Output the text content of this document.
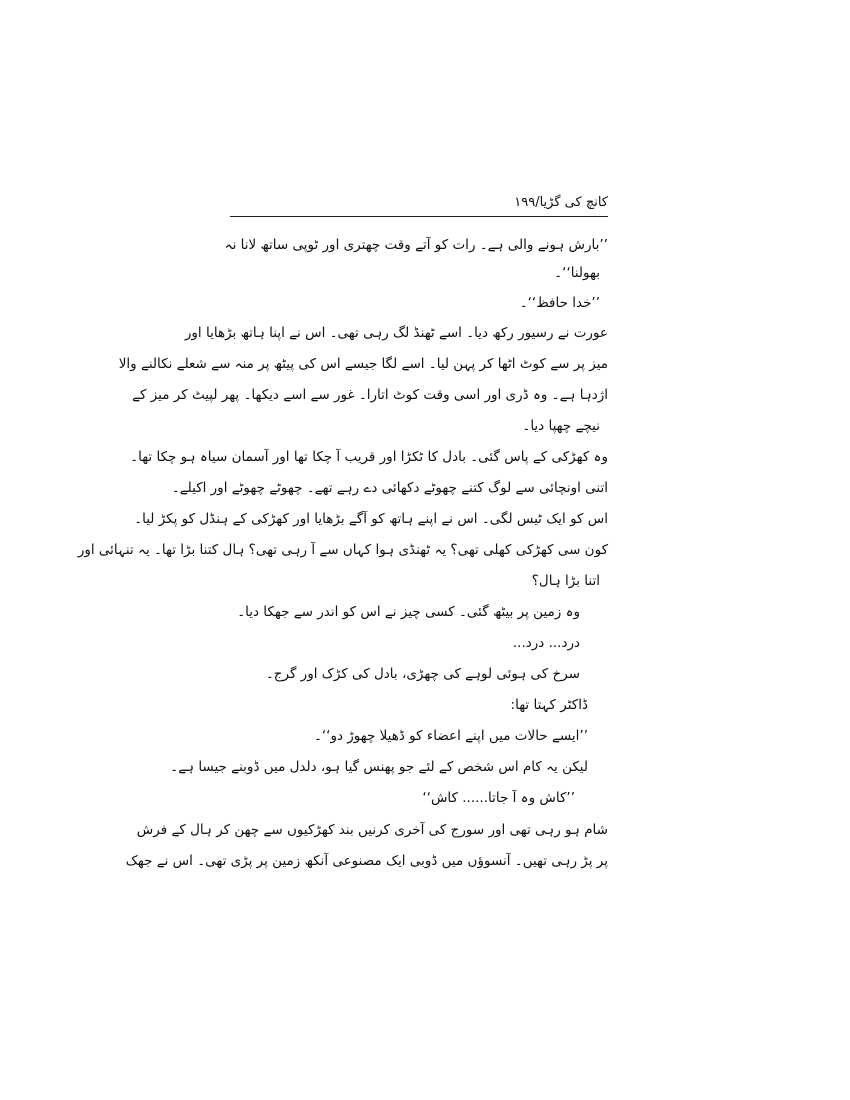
کانچ کی گڑیا/۱۹۹
’’بارش ہونے والی ہے۔ رات کو آتے وقت چھتری اور ٹوپی ساتھ لانا نہ
بھولنا‘‘۔
’’خدا حافظ‘‘۔
عورت نے رسیور رکھ دیا۔ اسے ٹھنڈ لگ رہی تھی۔ اس نے اپنا ہاتھ بڑھایا اور
میز پر سے کوٹ اٹھا کر پہن لیا۔ اسے لگا جیسے اس کی پیٹھ پر منہ سے شعلے نکالنے والا
اژدہا ہے۔ وہ ڈری اور اسی وقت کوٹ اتارا۔ غور سے اسے دیکھا۔ پھر لپیٹ کر میز کے
نیچے چھپا دیا۔
وہ کھڑکی کے پاس گئی۔ بادل کا ٹکڑا اور قریب آ چکا تھا اور آسمان سیاہ ہو چکا تھا۔
اتنی اونچائی سے لوگ کتنے چھوٹے دکھائی دے رہے تھے۔ چھوٹے چھوٹے اور اکیلے۔
اس کو ایک ٹیس لگی۔ اس نے اپنے ہاتھ کو آگے بڑھایا اور کھڑکی کے ہنڈل کو پکڑ لیا۔
کون سی کھڑکی کھلی تھی؟ یہ ٹھنڈی ہوا کہاں سے آ رہی تھی؟ ہال کتنا بڑا تھا۔ یہ تنہائی اور
اتنا بڑا ہال؟
وہ زمین پر بیٹھ گئی۔ کسی چیز نے اس کو اندر سے جھکا دیا۔
درد... درد...
سرخ کی ہوئی لوہے کی چھڑی، بادل کی کڑک اور گرج۔
ڈاکٹر کہتا تھا:
’’ایسے حالات میں اپنے اعضاء کو ڈھیلا چھوڑ دو‘‘۔
لیکن یہ کام اس شخص کے لئے جو پھنس گیا ہو، دلدل میں ڈوبنے جیسا ہے۔
’’کاش وہ آ جاتا...... کاش‘‘
شام ہو رہی تھی اور سورج کی آخری کرنیں بند کھڑکیوں سے چھن کر ہال کے فرش
پر پڑ رہی تھیں۔ آنسوؤں میں ڈوبی ایک مصنوعی آنکھ زمین پر پڑی تھی۔ اس نے جھک
